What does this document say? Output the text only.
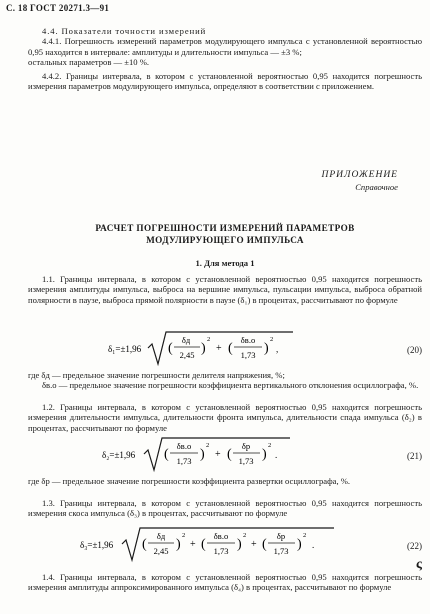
С. 18 ГОСТ 20271.3—91

4.4. Показатели точности измерений

4.4.1. Погрешность измерений параметров модулирующего импульса с установленной вероятностью 0,95 находится в интервале: амплитуды и длительности импульса — ±3 %;

остальных параметров — ±10 %.

4.4.2. Границы интервала, в котором с установленной вероятностью 0,95 находится погрешность измерения параметров модулирующего импульса, определяют в соответствии с приложением.

ПРИЛОЖЕНИЕ
Справочное
РАСЧЕТ ПОГРЕШНОСТИ ИЗМЕРЕНИЙ ПАРАМЕТРОВ
МОДУЛИРУЮЩЕГО ИМПУЛЬСА
1. Для метода 1

1.1. Границы интервала, в котором с установленной вероятностью 0,95 находится погрешность измерения амплитуды импульса, выброса на вершине импульса, пульсации импульса, выброса обратной полярности в паузе, выброса прямой полярности в паузе (δ₁) в процентах, рассчитывают по формуле

δ₁=±1,96 (
δд
2,45 )
2
+ (
δв.о
1,73 )
2
,	(20)

где δд — предельное значение погрешности делителя напряжения, %;

δв.о — предельное значение погрешности коэффициента вертикального отклонения осциллографа, %.

1.2. Границы интервала, в котором с установленной вероятностью 0,95 находится погрешность измерения длительности импульса, длительности фронта импульса, длительности спада импульса (δ₂) в процентах, рассчитывают по формуле

δ₂=±1,96 (
δв.о
1,73 )
2
+ (
δр
1,73 )
2
.	(21)

где δр — предельное значение погрешности коэффициента развертки осциллографа, %.

1.3. Границы интервала, в котором с установленной вероятностью 0,95 находится погрешность измерения скоса импульса (δ₃) в процентах, рассчитывают по формуле

δ₃=±1,96 (
δд
2,45 )
2
+ (
δв.о
1,73 )
2
+ (
δр
1,73 )
2
.	(22)

1.4. Границы интервала, в котором с установленной вероятностью 0,95 находится погрешность измерения амплитуды аппроксимированного импульса (δ₄) в процентах, рассчитывают по формуле

ς
